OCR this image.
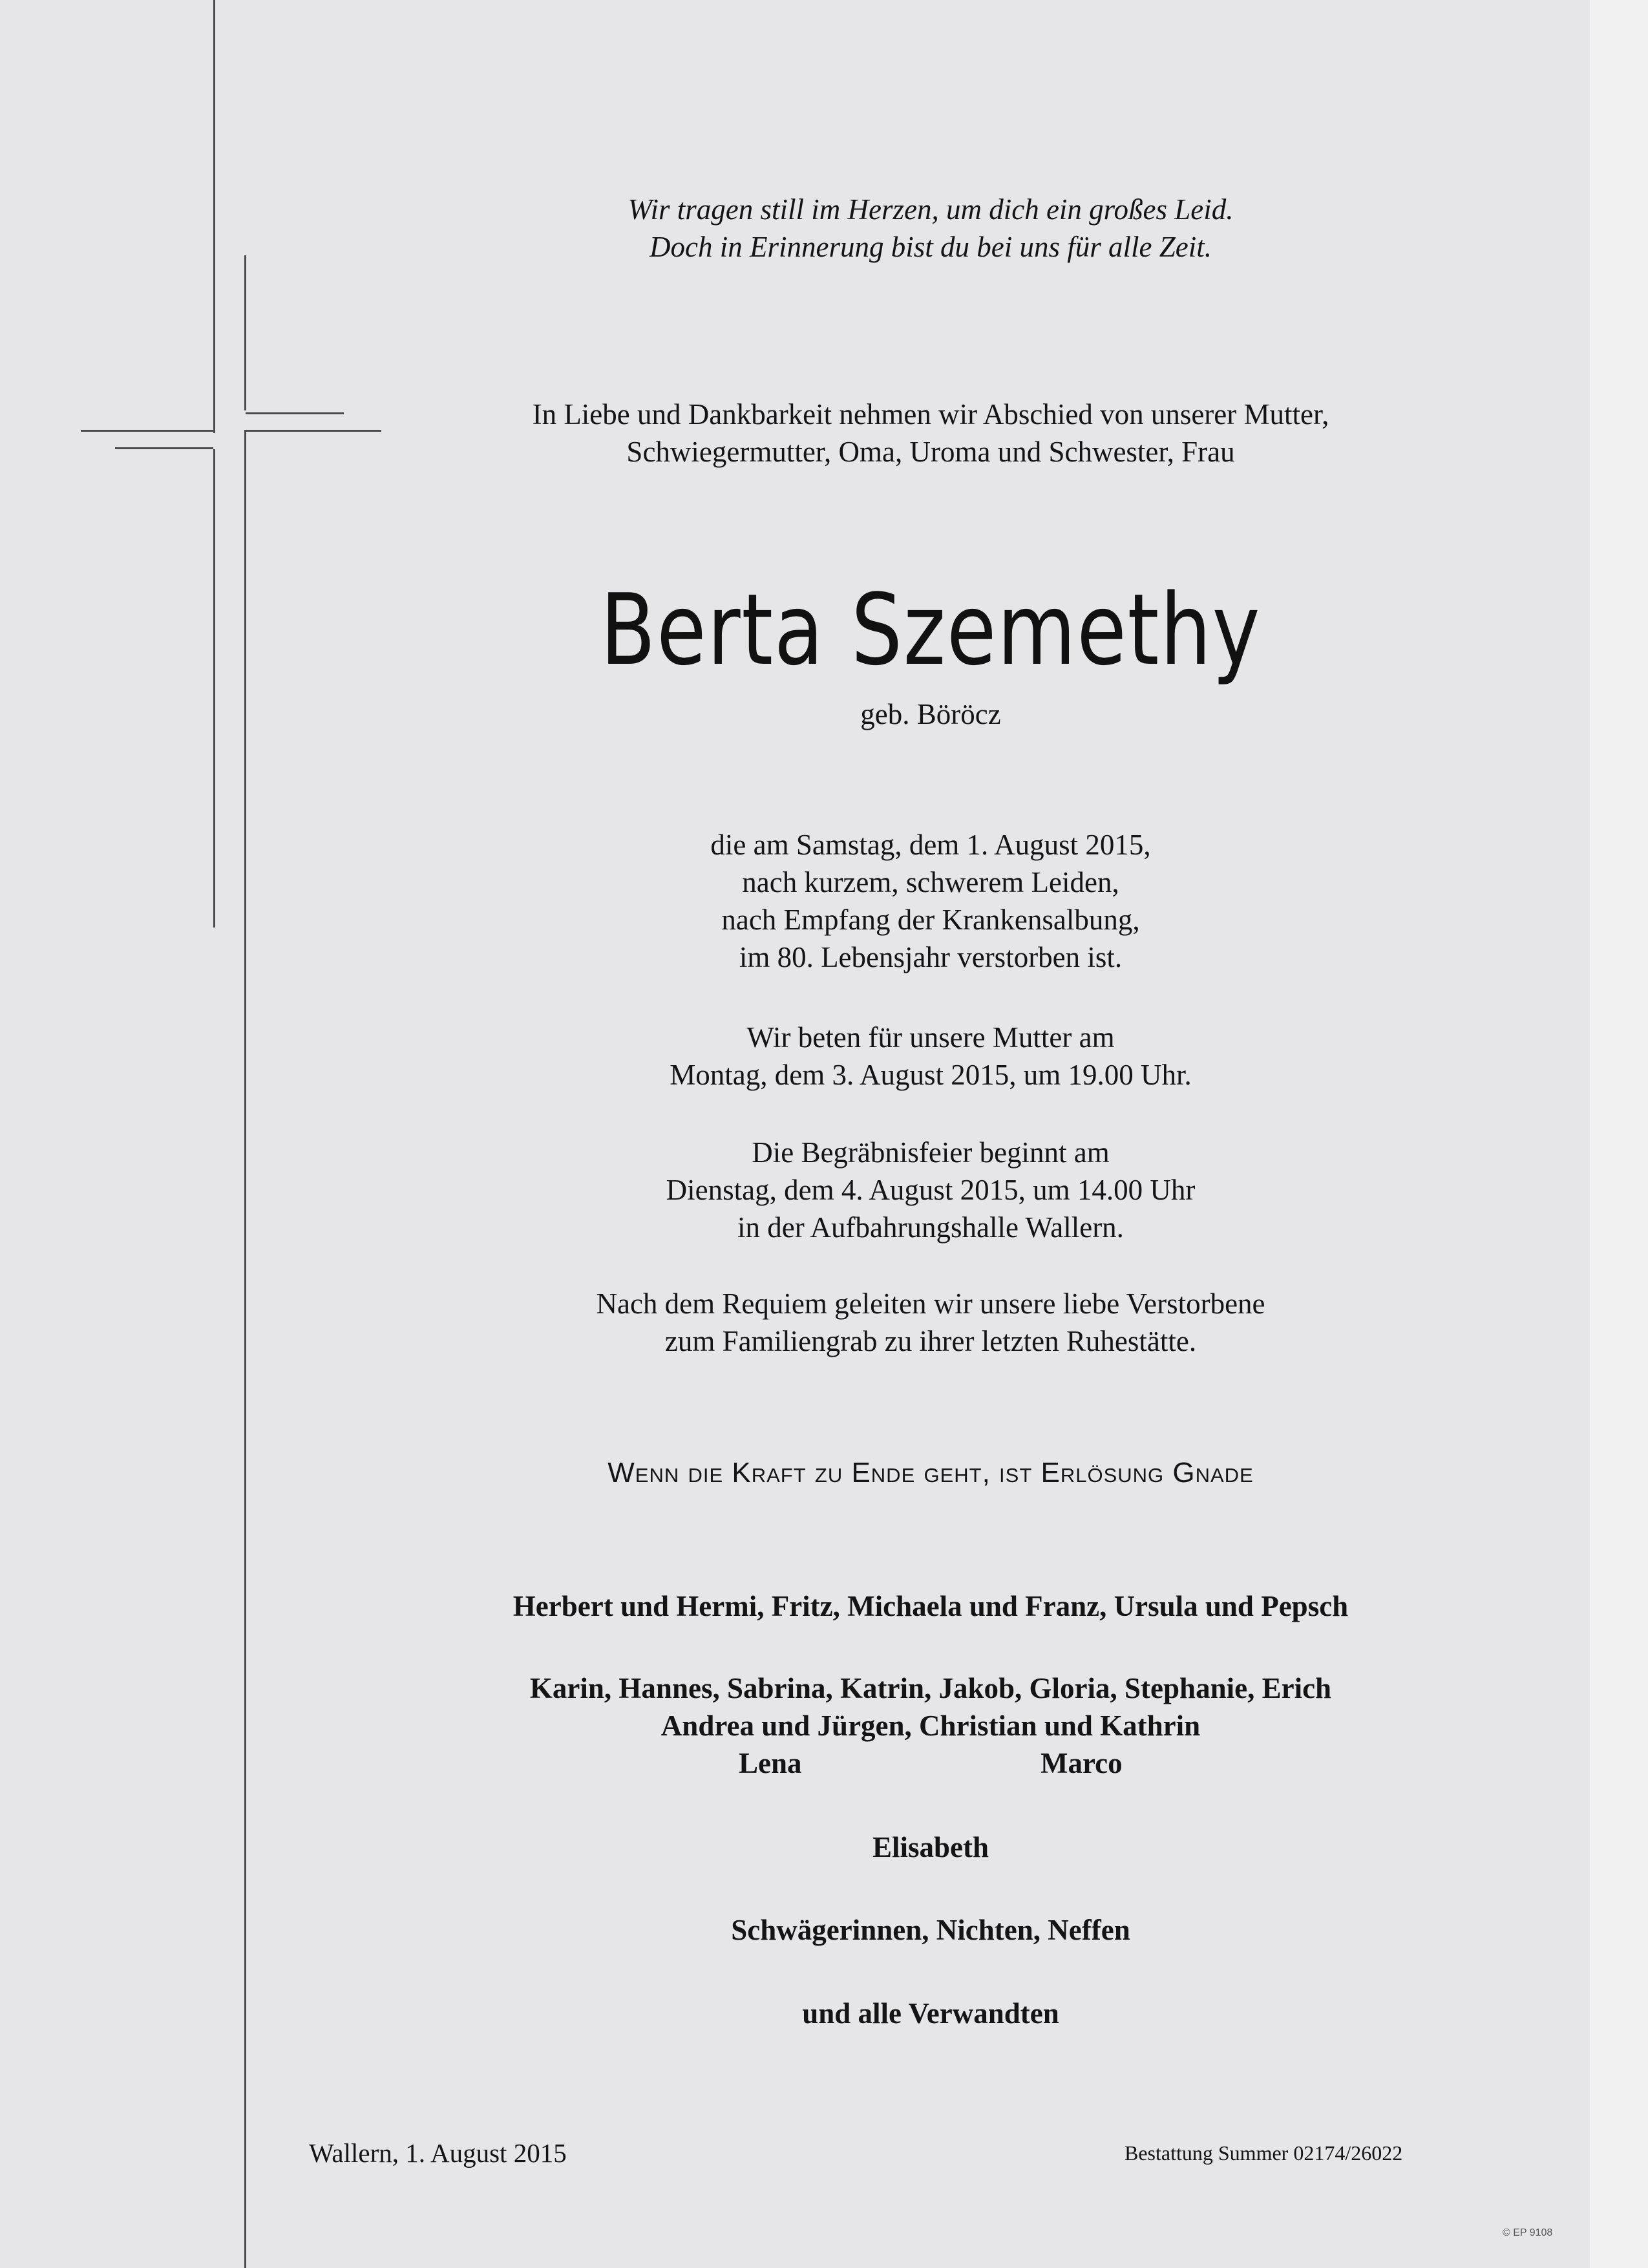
Wir tragen still im Herzen, um dich ein großes Leid.
Doch in Erinnerung bist du bei uns für alle Zeit.
In Liebe und Dankbarkeit nehmen wir Abschied von unserer Mutter,
Schwiegermutter, Oma, Uroma und Schwester, Frau
Berta Szemethy
geb. Böröcz
die am Samstag, dem 1. August 2015,
nach kurzem, schwerem Leiden,
nach Empfang der Krankensalbung,
im 80. Lebensjahr verstorben ist.
Wir beten für unsere Mutter am
Montag, dem 3. August 2015, um 19.00 Uhr.
Die Begräbnisfeier beginnt am
Dienstag, dem 4. August 2015, um 14.00 Uhr
in der Aufbahrungshalle Wallern.
Nach dem Requiem geleiten wir unsere liebe Verstorbene
zum Familiengrab zu ihrer letzten Ruhestätte.
Wenn die Kraft zu Ende geht, ist Erlösung Gnade
Herbert und Hermi, Fritz, Michaela und Franz, Ursula und Pepsch
Karin, Hannes, Sabrina, Katrin, Jakob, Gloria, Stephanie, Erich
Andrea und Jürgen, Christian und Kathrin
Lena	Marco
Elisabeth
Schwägerinnen, Nichten, Neffen
und alle Verwandten
Wallern, 1. August 2015	Bestattung Summer 02174/26022
© EP 9108
